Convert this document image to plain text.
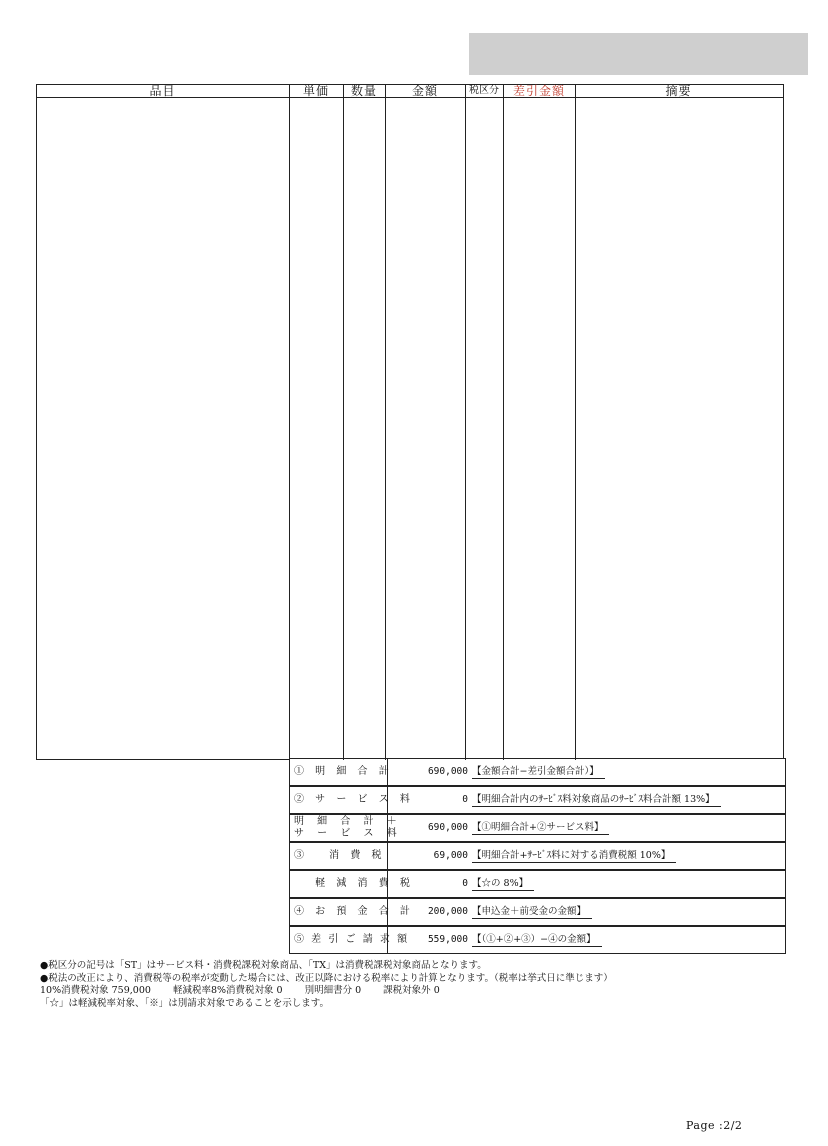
品目	単価	数量	金額	税区分	差引金額	摘要
① 明 細 合 計	690,000 【金額合計−差引金額合計）】
② サ ー ビ ス 料	0 【明細合計内のｻｰﾋﾞｽ料対象商品のｻｰﾋﾞｽ料合計額 13%】
明 細 合 計 ＋
サ ー ビ ス 料
690,000 【①明細合計+②サービス料】
③ 　消 費 税	69,000 【明細合計+ｻｰﾋﾞｽ料に対する消費税額 10%】
　 軽 減 消 費 税	0 【☆の 8%】
④ お 預 金 合 計	200,000 【申込金＋前受金の金額】
⑤ 差 引 ご 請 求 額	559,000 【（①+②+③）−④の金額】
●税区分の記号は「ST」はサービス料・消費税課税対象商品、「TX」は消費税課税対象商品となります。
●税法の改正により、消費税等の税率が変動した場合には、改正以降における税率により計算となります。（税率は挙式日に準じます）
10%消費税対象 759,000　　 軽減税率8%消費税対象 0　　 別明細書分 0　　 課税対象外 0
「☆」は軽減税率対象、「※」は別請求対象であることを示します。
Page :2/2
